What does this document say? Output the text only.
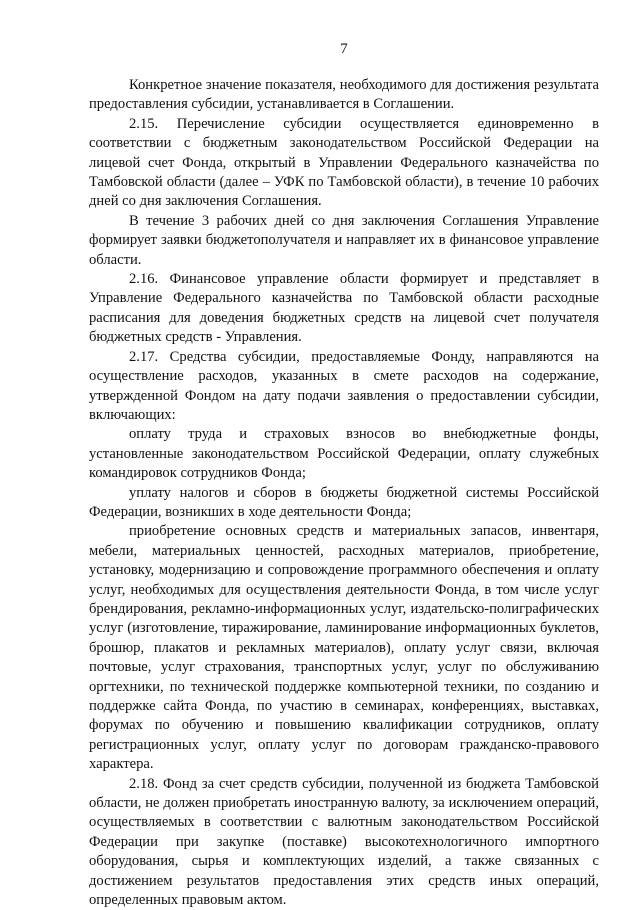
7

Конкретное значение показателя, необходимого для достижения результата предоставления субсидии, устанавливается в Соглашении.

2.15. Перечисление субсидии осуществляется единовременно в соответствии с бюджетным законодательством Российской Федерации на лицевой счет Фонда, открытый в Управлении Федерального казначейства по Тамбовской области (далее – УФК по Тамбовской области), в течение 10 рабочих дней со дня заключения Соглашения.

В течение 3 рабочих дней со дня заключения Соглашения Управление формирует заявки бюджетополучателя и направляет их в финансовое управление области.

2.16. Финансовое управление области формирует и представляет в Управление Федерального казначейства по Тамбовской области расходные расписания для доведения бюджетных средств на лицевой счет получателя бюджетных средств - Управления.

2.17. Средства субсидии, предоставляемые Фонду, направляются на осуществление расходов, указанных в смете расходов на содержание, утвержденной Фондом на дату подачи заявления о предоставлении субсидии, включающих:

оплату труда и страховых взносов во внебюджетные фонды, установленные законодательством Российской Федерации, оплату служебных командировок сотрудников Фонда;

уплату налогов и сборов в бюджеты бюджетной системы Российской Федерации, возникших в ходе деятельности Фонда;

приобретение основных средств и материальных запасов, инвентаря, мебели, материальных ценностей, расходных материалов, приобретение, установку, модернизацию и сопровождение программного обеспечения и оплату услуг, необходимых для осуществления деятельности Фонда, в том числе услуг брендирования, рекламно-информационных услуг, издательско-полиграфических услуг (изготовление, тиражирование, ламинирование информационных буклетов, брошюр, плакатов и рекламных материалов), оплату услуг связи, включая почтовые, услуг страхования, транспортных услуг, услуг по обслуживанию оргтехники, по технической поддержке компьютерной техники, по созданию и поддержке сайта Фонда, по участию в семинарах, конференциях, выставках, форумах по обучению и повышению квалификации сотрудников, оплату регистрационных услуг, оплату услуг по договорам гражданско-правового характера.

2.18. Фонд за счет средств субсидии, полученной из бюджета Тамбовской области, не должен приобретать иностранную валюту, за исключением операций, осуществляемых в соответствии с валютным законодательством Российской Федерации при закупке (поставке) высокотехнологичного импортного оборудования, сырья и комплектующих изделий, а также связанных с достижением результатов предоставления этих средств иных операций, определенных правовым актом.
